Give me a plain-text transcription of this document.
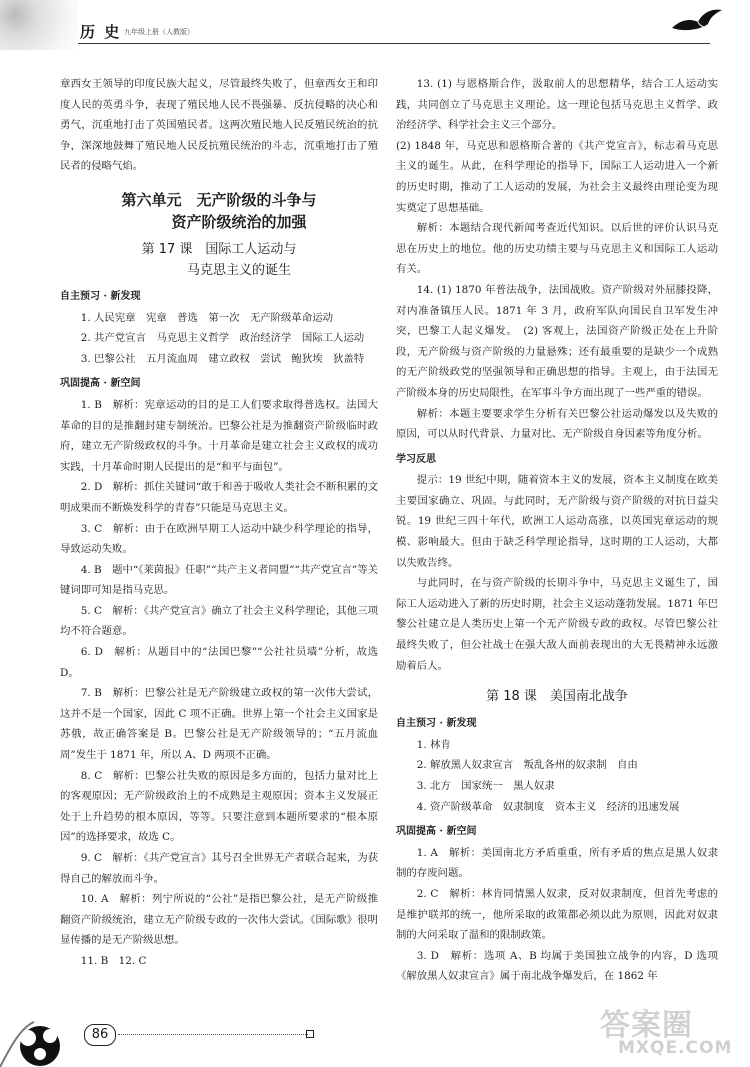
历 史 九年级上册（人教版）

章西女王领导的印度民族大起义，尽管最终失败了，但章西女王和印度人民的英勇斗争，表现了殖民地人民不畏强暴、反抗侵略的决心和勇气，沉重地打击了英国殖民者。这两次殖民地人民反殖民统治的抗争，深深地鼓舞了殖民地人民反抗殖民统治的斗志，沉重地打击了殖民者的侵略气焰。

第六单元　无产阶级的斗争与
资产阶级统治的加强
第 17 课　国际工人运动与
马克思主义的诞生

自主预习 · 新发现

1. 人民宪章　宪章　普选　第一次　无产阶级革命运动

2. 共产党宣言　马克思主义哲学　政治经济学　国际工人运动

3. 巴黎公社　五月流血周　建立政权　尝试　鲍狄埃　狄盖特

巩固提高 · 新空间

1. B　解析：宪章运动的目的是工人们要求取得普选权。法国大革命的目的是推翻封建专制统治。巴黎公社是为推翻资产阶级临时政府，建立无产阶级政权的斗争。十月革命是建立社会主义政权的成功实践，十月革命时期人民提出的是“和平与面包”。

2. D　解析：抓住关键词“敢于和善于吸收人类社会不断积累的文明成果而不断焕发科学的青春”只能是马克思主义。

3. C　解析：由于在欧洲早期工人运动中缺少科学理论的指导，导致运动失败。

4. B　题中“《莱茵报》任职”“共产主义者同盟”“共产党宣言”等关键词即可知是指马克思。

5. C　解析：《共产党宣言》确立了社会主义科学理论，其他三项均不符合题意。

6. D　解析：从题目中的“法国巴黎”“公社社员墙”分析，故选 D。

7. B　解析：巴黎公社是无产阶级建立政权的第一次伟大尝试，这并不是一个国家，因此 C 项不正确。世界上第一个社会主义国家是苏俄，故正确答案是 B。巴黎公社是无产阶级领导的；“五月流血周”发生于 1871 年，所以 A、D 两项不正确。

8. C　解析：巴黎公社失败的原因是多方面的，包括力量对比上的客观原因；无产阶级政治上的不成熟是主观原因；资本主义发展正处于上升趋势的根本原因，等等。只要注意到本题所要求的“根本原因”的选择要求，故选 C。

9. C　解析：《共产党宣言》其号召全世界无产者联合起来，为获得自己的解放而斗争。

10. A　解析：列宁所说的“公社”是指巴黎公社，是无产阶级推翻资产阶级统治，建立无产阶级专政的一次伟大尝试。《国际歌》很明显传播的是无产阶级思想。

11. B　12. C

13. (1) 与恩格斯合作，汲取前人的思想精华，结合工人运动实践，共同创立了马克思主义理论。这一理论包括马克思主义哲学、政治经济学、科学社会主义三个部分。

(2) 1848 年，马克思和恩格斯合著的《共产党宣言》，标志着马克思主义的诞生。从此，在科学理论的指导下，国际工人运动进入一个新的历史时期，推动了工人运动的发展，为社会主义最终由理论变为现实奠定了思想基础。

解析：本题结合现代新闻考查近代知识。以后世的评价认识马克思在历史上的地位。他的历史功绩主要与马克思主义和国际工人运动有关。

14. (1) 1870 年普法战争，法国战败。资产阶级对外屈膝投降，对内准备镇压人民。1871 年 3 月，政府军队向国民自卫军发生冲突，巴黎工人起义爆发。　(2) 客观上，法国资产阶级正处在上升阶段，无产阶级与资产阶级的力量悬殊；还有最重要的是缺少一个成熟的无产阶级政党的坚强领导和正确思想的指导。主观上，由于法国无产阶级本身的历史局限性，在军事斗争方面出现了一些严重的错误。

解析：本题主要要求学生分析有关巴黎公社运动爆发以及失败的原因，可以从时代背景、力量对比、无产阶级自身因素等角度分析。

学习反思

提示：19 世纪中期，随着资本主义的发展，资本主义制度在欧美主要国家确立、巩固。与此同时，无产阶级与资产阶级的对抗日益尖锐。19 世纪三四十年代，欧洲工人运动高涨，以英国宪章运动的规模、影响最大。但由于缺乏科学理论指导，这时期的工人运动，大都以失败告终。

与此同时，在与资产阶级的长期斗争中，马克思主义诞生了，国际工人运动进入了新的历史时期，社会主义运动蓬勃发展。1871 年巴黎公社建立是人类历史上第一个无产阶级专政的政权。尽管巴黎公社最终失败了，但公社战士在强大敌人面前表现出的大无畏精神永远激励着后人。

第 18 课　美国南北战争

自主预习 · 新发现

1. 林肯

2. 解放黑人奴隶宣言　叛乱各州的奴隶制　自由

3. 北方　国家统一　黑人奴隶

4. 资产阶级革命　奴隶制度　资本主义　经济的迅速发展

巩固提高 · 新空间

1. A　解析：美国南北方矛盾重重，所有矛盾的焦点是黑人奴隶制的存废问题。

2. C　解析：林肯同情黑人奴隶，反对奴隶制度，但首先考虑的是维护联邦的统一，他所采取的政策都必须以此为原则，因此对奴隶制的大问采取了温和的限制政策。

3. D　解析：选项 A、B 均属于美国独立战争的内容，D 选项《解放黑人奴隶宣言》属于南北战争爆发后，在 1862 年

86	答案圈
MXQE.COM
